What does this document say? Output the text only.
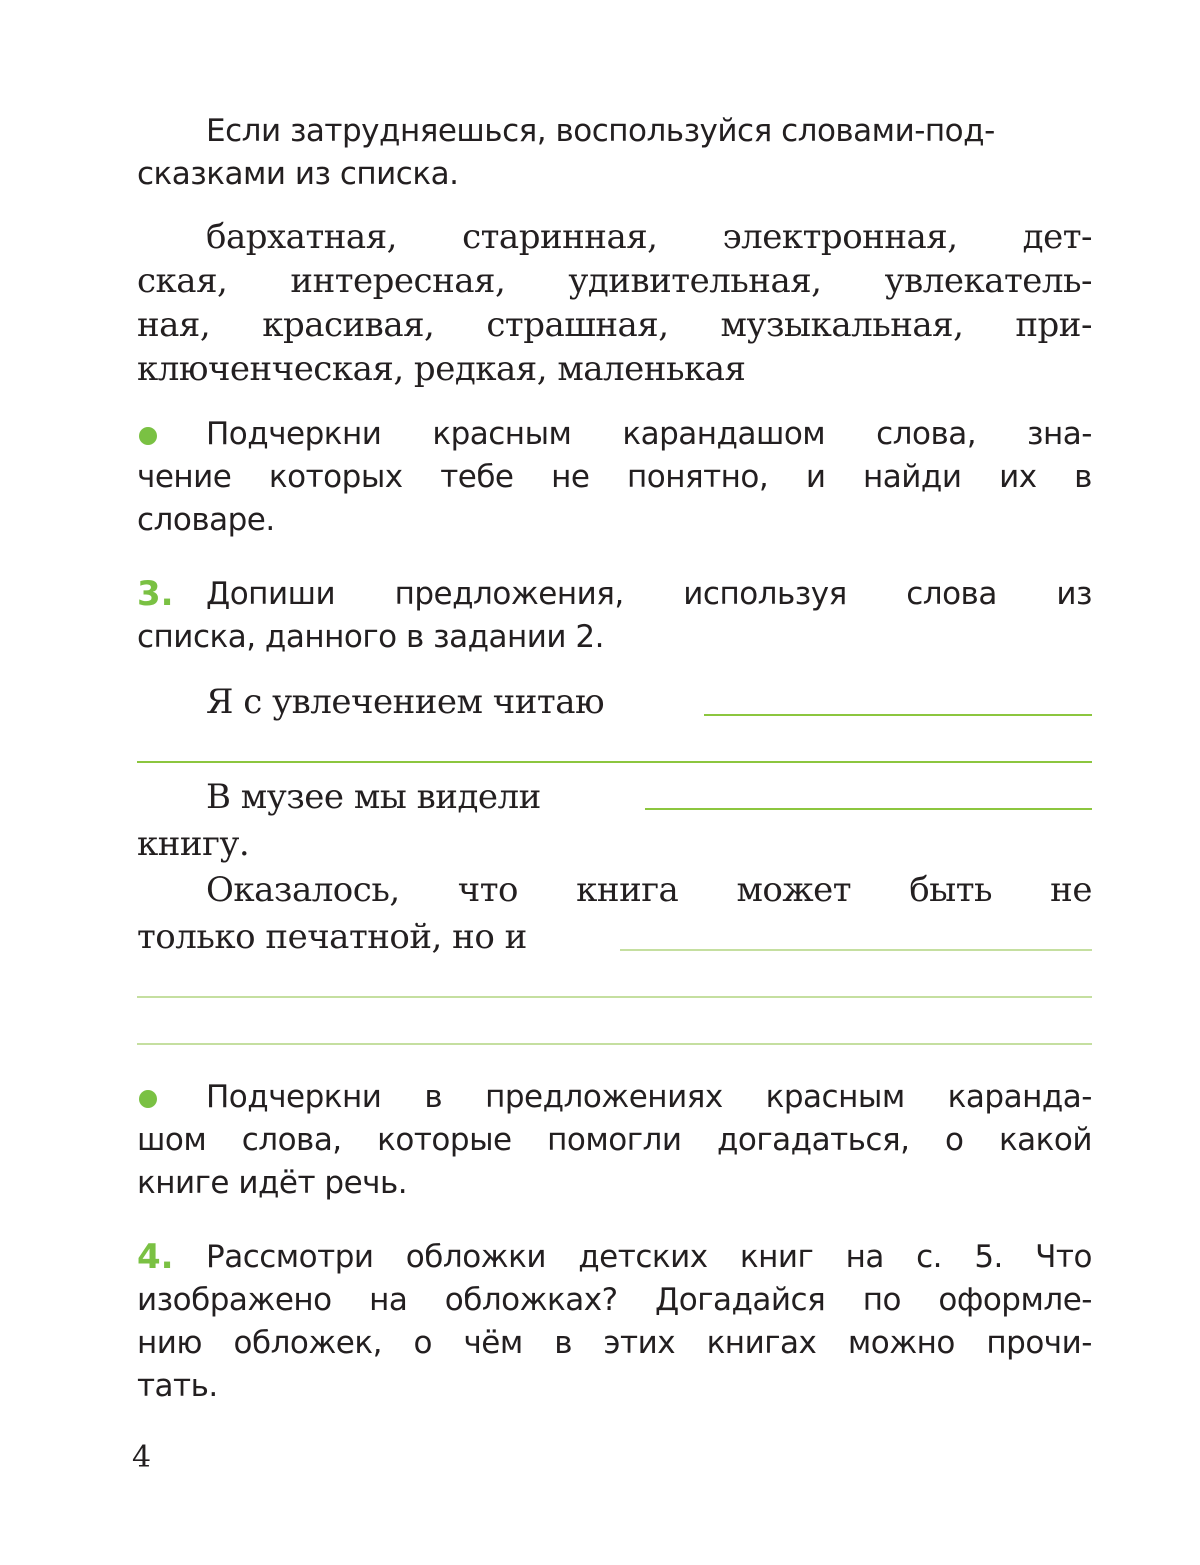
Если затрудняешься, воспользуйся словами-под-
сказками из списка.
бархатная, старинная, электронная, дет-
ская, интересная, удивительная, увлекатель-
ная, красивая, страшная, музыкальная, при-
ключенческая, редкая, маленькая
Подчеркни красным карандашом слова, зна-
чение которых тебе не понятно, и найди их в
словаре.
3. Допиши предложения, используя слова из
списка, данного в задании 2.
Я с увлечением читаю
В музее мы видели
книгу.
Оказалось, что книга может быть не
только печатной, но и
Подчеркни в предложениях красным каранда-
шом слова, которые помогли догадаться, о какой
книге идёт речь.
4. Рассмотри обложки детских книг на с. 5. Что
изображено на обложках? Догадайся по оформле-
нию обложек, о чём в этих книгах можно прочи-
тать.
4
